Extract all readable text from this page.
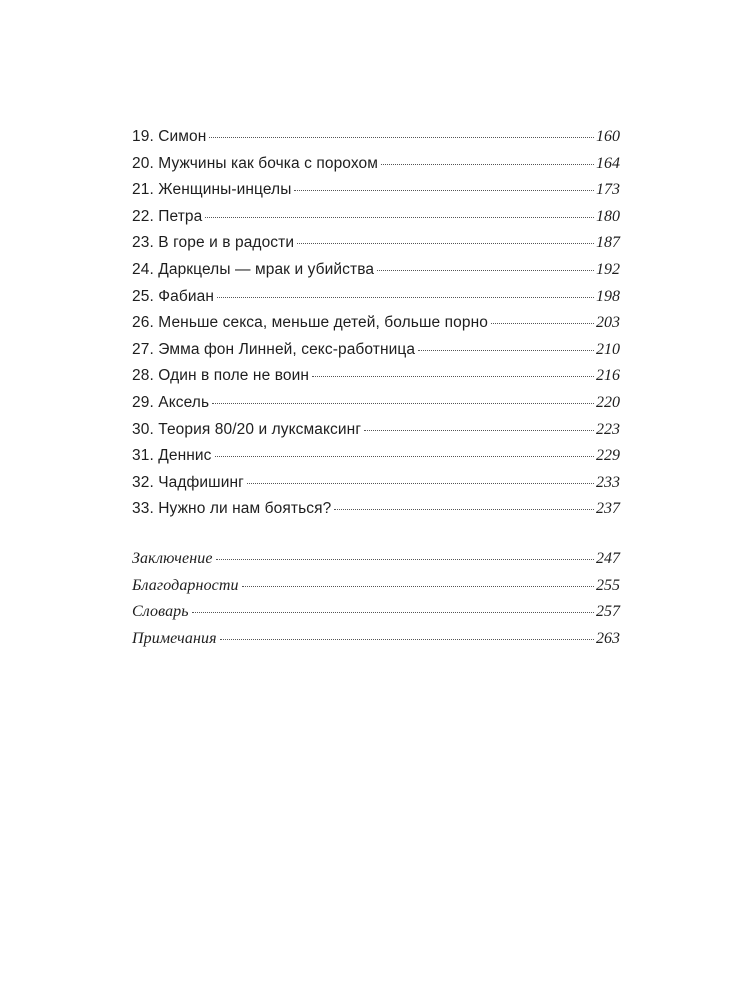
19. Симон	160
20. Мужчины как бочка с порохом	164
21. Женщины-инцелы	173
22. Петра	180
23. В горе и в радости	187
24. Даркцелы — мрак и убийства	192
25. Фабиан	198
26. Меньше секса, меньше детей, больше порно	203
27. Эмма фон Линней, секс-работница	210
28. Один в поле не воин	216
29. Аксель	220
30. Теория 80/20 и луксмаксинг	223
31. Деннис	229
32. Чадфишинг	233
33. Нужно ли нам бояться?	237
Заключение	247
Благодарности	255
Словарь	257
Примечания	263
